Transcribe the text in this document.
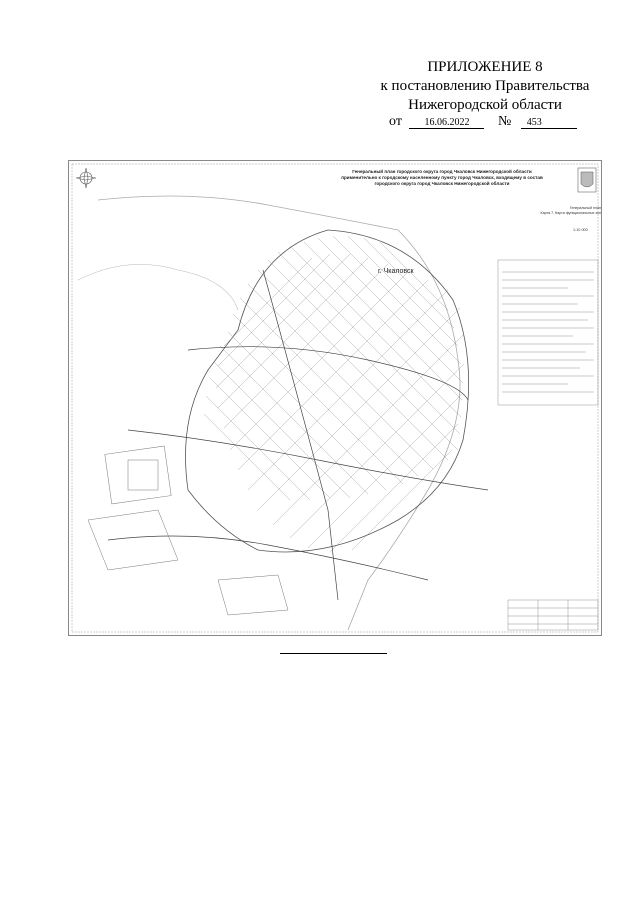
ПРИЛОЖЕНИЕ 8
к постановлению Правительства
Нижегородской области
от 16.06.2022 № 453
Генеральный план городского округа город Чкаловск Нижегородской области
применительно к городскому населенному пункту город Чкаловск, входящему в состав
городского округа город Чкаловск Нижегородской области
Генеральный план
Карта 7. Карта функциональных зон
1:10 000
г. Чкаловск
